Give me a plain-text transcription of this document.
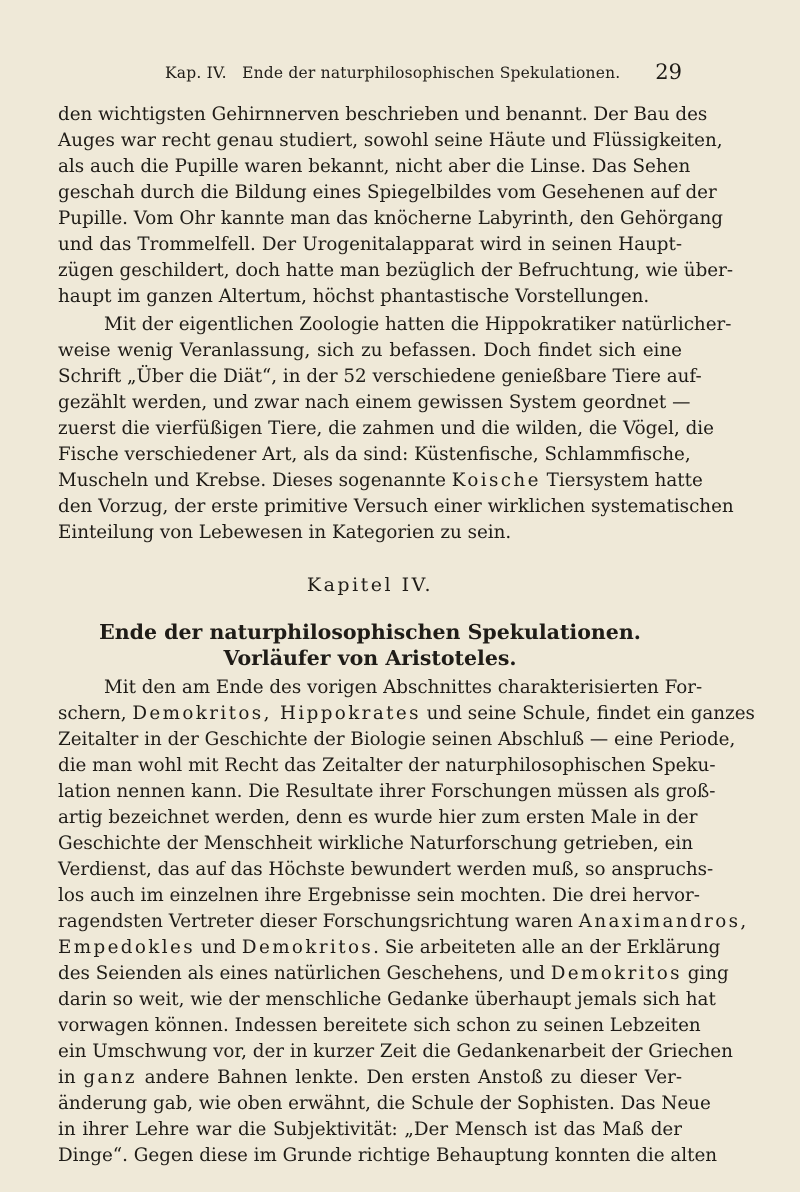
Kap. IV.   Ende der naturphilosophischen Spekulationen.	29
den wichtigsten Gehirnnerven beschrieben und benannt. Der Bau des
Auges war recht genau studiert, sowohl seine Häute und Flüssigkeiten,
als auch die Pupille waren bekannt, nicht aber die Linse. Das Sehen
geschah durch die Bildung eines Spiegelbildes vom Gesehenen auf der
Pupille. Vom Ohr kannte man das knöcherne Labyrinth, den Gehörgang
und das Trommelfell. Der Urogenitalapparat wird in seinen Haupt-
zügen geschildert, doch hatte man bezüglich der Befruchtung, wie über-
haupt im ganzen Altertum, höchst phantastische Vorstellungen.
Mit der eigentlichen Zoologie hatten die Hippokratiker natürlicher-
weise wenig Veranlassung, sich zu befassen. Doch findet sich eine
Schrift „Über die Diät“, in der 52 verschiedene genießbare Tiere auf-
gezählt werden, und zwar nach einem gewissen System geordnet —
zuerst die vierfüßigen Tiere, die zahmen und die wilden, die Vögel, die
Fische verschiedener Art, als da sind: Küstenfische, Schlammfische,
Muscheln und Krebse. Dieses sogenannte Koische Tiersystem hatte
den Vorzug, der erste primitive Versuch einer wirklichen systematischen
Einteilung von Lebewesen in Kategorien zu sein.
Kapitel IV.
Ende der naturphilosophischen Spekulationen.
Vorläufer von Aristoteles.
Mit den am Ende des vorigen Abschnittes charakterisierten For-
schern, Demokritos, Hippokrates und seine Schule, findet ein ganzes
Zeitalter in der Geschichte der Biologie seinen Abschluß — eine Periode,
die man wohl mit Recht das Zeitalter der naturphilosophischen Speku-
lation nennen kann. Die Resultate ihrer Forschungen müssen als groß-
artig bezeichnet werden, denn es wurde hier zum ersten Male in der
Geschichte der Menschheit wirkliche Naturforschung getrieben, ein
Verdienst, das auf das Höchste bewundert werden muß, so anspruchs-
los auch im einzelnen ihre Ergebnisse sein mochten. Die drei hervor-
ragendsten Vertreter dieser Forschungsrichtung waren Anaximandros,
Empedokles und Demokritos. Sie arbeiteten alle an der Erklärung
des Seienden als eines natürlichen Geschehens, und Demokritos ging
darin so weit, wie der menschliche Gedanke überhaupt jemals sich hat
vorwagen können. Indessen bereitete sich schon zu seinen Lebzeiten
ein Umschwung vor, der in kurzer Zeit die Gedankenarbeit der Griechen
in ganz andere Bahnen lenkte. Den ersten Anstoß zu dieser Ver-
änderung gab, wie oben erwähnt, die Schule der Sophisten. Das Neue
in ihrer Lehre war die Subjektivität: „Der Mensch ist das Maß der
Dinge“. Gegen diese im Grunde richtige Behauptung konnten die alten
